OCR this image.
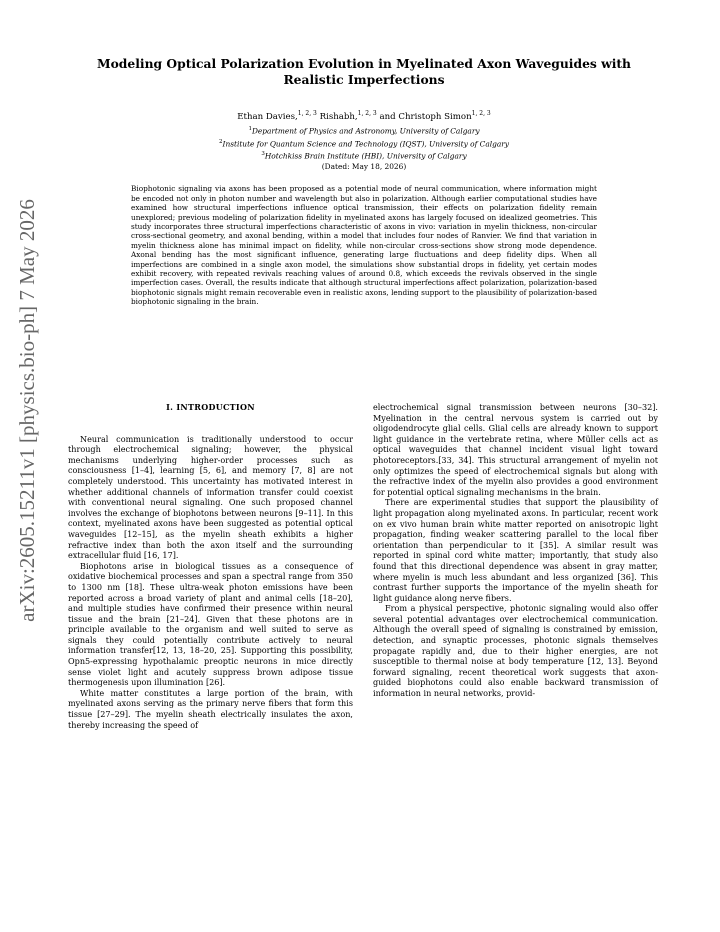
arXiv:2605.15211v1 [physics.bio-ph] 7 May 2026
Modeling Optical Polarization Evolution in Myelinated Axon Waveguides with
Realistic Imperfections
Ethan Davies,$^{1, 2, 3}$ Rishabh,$^{1, 2, 3}$ and Christoph Simon$^{1, 2, 3}$
$^1$Department of Physics and Astronomy, University of Calgary
$^2$Institute for Quantum Science and Technology (IQST), University of Calgary
$^3$Hotchkiss Brain Institute (HBI), University of Calgary
(Dated: May 18, 2026)
Biophotonic signaling via axons has been proposed as a potential mode of neural communication, where information might be encoded not only in photon number and wavelength but also in polarization. Although earlier computational studies have examined how structural imperfections influence optical transmission, their effects on polarization fidelity remain unexplored; previous modeling of polarization fidelity in myelinated axons has largely focused on idealized geometries. This study incorporates three structural imperfections characteristic of axons in vivo: variation in myelin thickness, non-circular cross-sectional geometry, and axonal bending, within a model that includes four nodes of Ranvier. We find that variation in myelin thickness alone has minimal impact on fidelity, while non-circular cross-sections show strong mode dependence. Axonal bending has the most significant influence, generating large fluctuations and deep fidelity dips. When all imperfections are combined in a single axon model, the simulations show substantial drops in fidelity, yet certain modes exhibit recovery, with repeated revivals reaching values of around 0.8, which exceeds the revivals observed in the single imperfection cases. Overall, the results indicate that although structural imperfections affect polarization, polarization-based biophotonic signals might remain recoverable even in realistic axons, lending support to the plausibility of polarization-based biophotonic signaling in the brain.
I. INTRODUCTION

Neural communication is traditionally understood to occur through electrochemical signaling; however, the physical mechanisms underlying higher-order processes such as consciousness [1–4], learning [5, 6], and memory [7, 8] are not completely understood. This uncertainty has motivated interest in whether additional channels of information transfer could coexist with conventional neural signaling. One such proposed channel involves the exchange of biophotons between neurons [9–11]. In this context, myelinated axons have been suggested as potential optical waveguides [12–15], as the myelin sheath exhibits a higher refractive index than both the axon itself and the surrounding extracellular fluid [16, 17].

Biophotons arise in biological tissues as a consequence of oxidative biochemical processes and span a spectral range from 350 to 1300 nm [18]. These ultra-weak photon emissions have been reported across a broad variety of plant and animal cells [18–20], and multiple studies have confirmed their presence within neural tissue and the brain [21–24]. Given that these photons are in principle available to the organism and well suited to serve as signals they could potentially contribute actively to neural information transfer[12, 13, 18–20, 25]. Supporting this possibility, Opn5-expressing hypothalamic preoptic neurons in mice directly sense violet light and acutely suppress brown adipose tissue thermogenesis upon illumination [26].

White matter constitutes a large portion of the brain, with myelinated axons serving as the primary nerve fibers that form this tissue [27–29]. The myelin sheath electrically insulates the axon, thereby increasing the speed of

electrochemical signal transmission between neurons [30–32]. Myelination in the central nervous system is carried out by oligodendrocyte glial cells. Glial cells are already known to support light guidance in the vertebrate retina, where Müller cells act as optical waveguides that channel incident visual light toward photoreceptors.[33, 34]. This structural arrangement of myelin not only optimizes the speed of electrochemical signals but along with the refractive index of the myelin also provides a good environment for potential optical signaling mechanisms in the brain.

There are experimental studies that support the plausibility of light propagation along myelinated axons. In particular, recent work on ex vivo human brain white matter reported on anisotropic light propagation, finding weaker scattering parallel to the local fiber orientation than perpendicular to it [35]. A similar result was reported in spinal cord white matter; importantly, that study also found that this directional dependence was absent in gray matter, where myelin is much less abundant and less organized [36]. This contrast further supports the importance of the myelin sheath for light guidance along nerve fibers.

From a physical perspective, photonic signaling would also offer several potential advantages over electrochemical communication. Although the overall speed of signaling is constrained by emission, detection, and synaptic processes, photonic signals themselves propagate rapidly and, due to their higher energies, are not susceptible to thermal noise at body temperature [12, 13]. Beyond forward signaling, recent theoretical work suggests that axon-guided biophotons could also enable backward transmission of information in neural networks, provid-
